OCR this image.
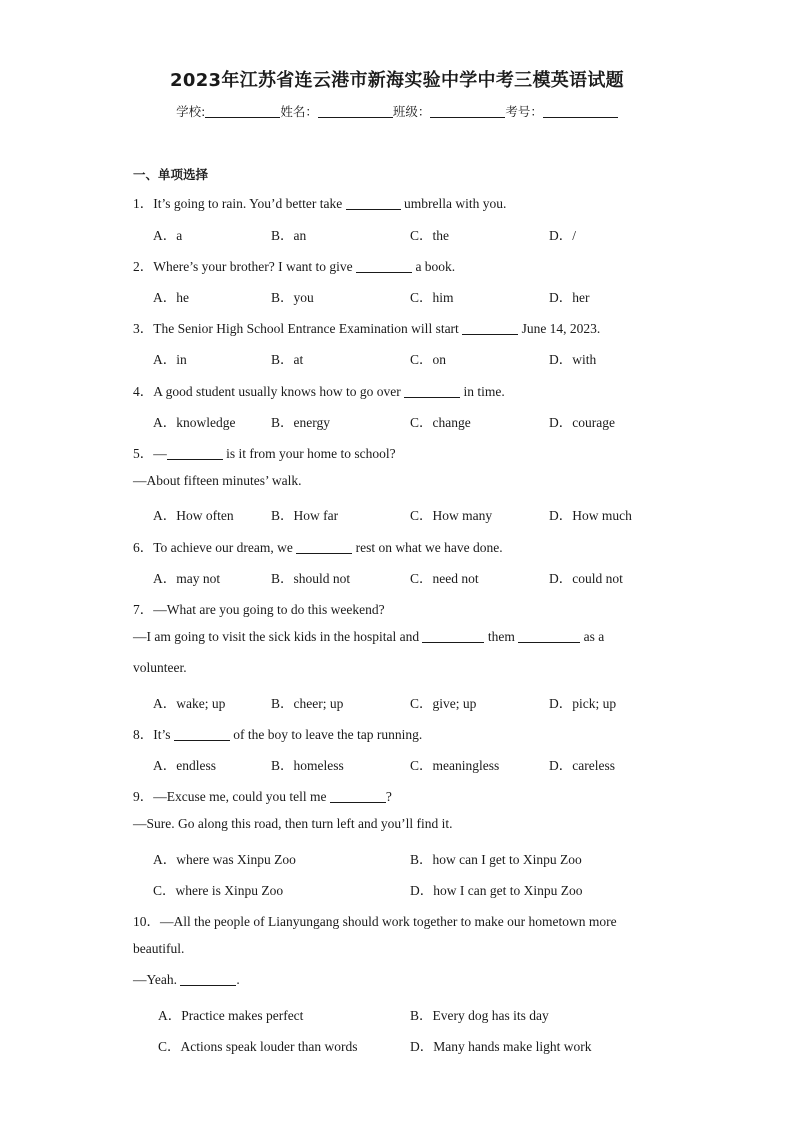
2023年江苏省连云港市新海实验中学中考三模英语试题
学校:	姓名：	班级：	考号：
一、单项选择
1．It’s going to rain. You’d better take	umbrella with you.
A．a	B．an	C．the	D．/
2．Where’s your brother? I want to give	a book.
A．he	B．you	C．him	D．her
3．The Senior High School Entrance Examination will start	June 14, 2023.
A．in	B．at	C．on	D．with
4．A good student usually knows how to go over	in time.
A．knowledge	B．energy	C．change	D．courage
5．—	is it from your home to school?
—About fifteen minutes’ walk.
A．How often	B．How far	C．How many	D．How much
6．To achieve our dream, we	rest on what we have done.
A．may not	B．should not	C．need not	D．could not
7．—What are you going to do this weekend?
—I am going to visit the sick kids in the hospital and	them	as a
volunteer.
A．wake; up	B．cheer; up	C．give; up	D．pick; up
8．It’s	of the boy to leave the tap running.
A．endless	B．homeless	C．meaningless	D．careless
9．—Excuse me, could you tell me	?
—Sure. Go along this road, then turn left and you’ll find it.
A．where was Xinpu Zoo	B．how can I get to Xinpu Zoo
C．where is Xinpu Zoo	D．how I can get to Xinpu Zoo
10．—All the people of Lianyungang should work together to make our hometown more
beautiful.
—Yeah.	.
A．Practice makes perfect	B．Every dog has its day
C．Actions speak louder than words	D．Many hands make light work
